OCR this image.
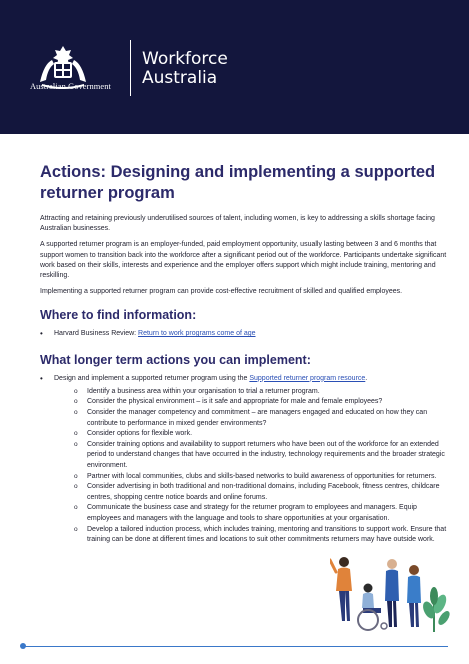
Australian Government
Workforce
Australia
Actions: Designing and implementing a supported returner program

Attracting and retaining previously underutilised sources of talent, including women, is key to addressing a skills shortage facing Australian businesses.

A supported returner program is an employer-funded, paid employment opportunity, usually lasting between 3 and 6 months that support women to transition back into the workforce after a significant period out of the workforce. Participants undertake significant work based on their skills, interests and experience and the employer offers support which might include training, mentoring and reskilling.

Implementing a supported returner program can provide cost-effective recruitment of skilled and qualified employees.

Where to find information:
• Harvard Business Review: Return to work programs come of age
What longer term actions you can implement:
• Design and implement a supported returner program using the Supported returner program resource.
o Identify a business area within your organisation to trial a returner program.
o Consider the physical environment – is it safe and appropriate for male and female employees?
o Consider the manager competency and commitment – are managers engaged and educated on how they can contribute to performance in mixed gender environments?
o Consider options for flexible work.
o Consider training options and availability to support returners who have been out of the workforce for an extended period to understand changes that have occurred in the industry, technology requirements and the broader strategic environment.
o Partner with local communities, clubs and skills-based networks to build awareness of opportunities for returners.
o Consider advertising in both traditional and non-traditional domains, including Facebook, fitness centres, childcare centres, shopping centre notice boards and online forums.
o Communicate the business case and strategy for the returner program to employees and managers. Equip employees and managers with the language and tools to share opportunities at your organisation.
o Develop a tailored induction process, which includes training, mentoring and transitions to support work. Ensure that training can be done at different times and locations to suit other commitments returners may have outside work.
